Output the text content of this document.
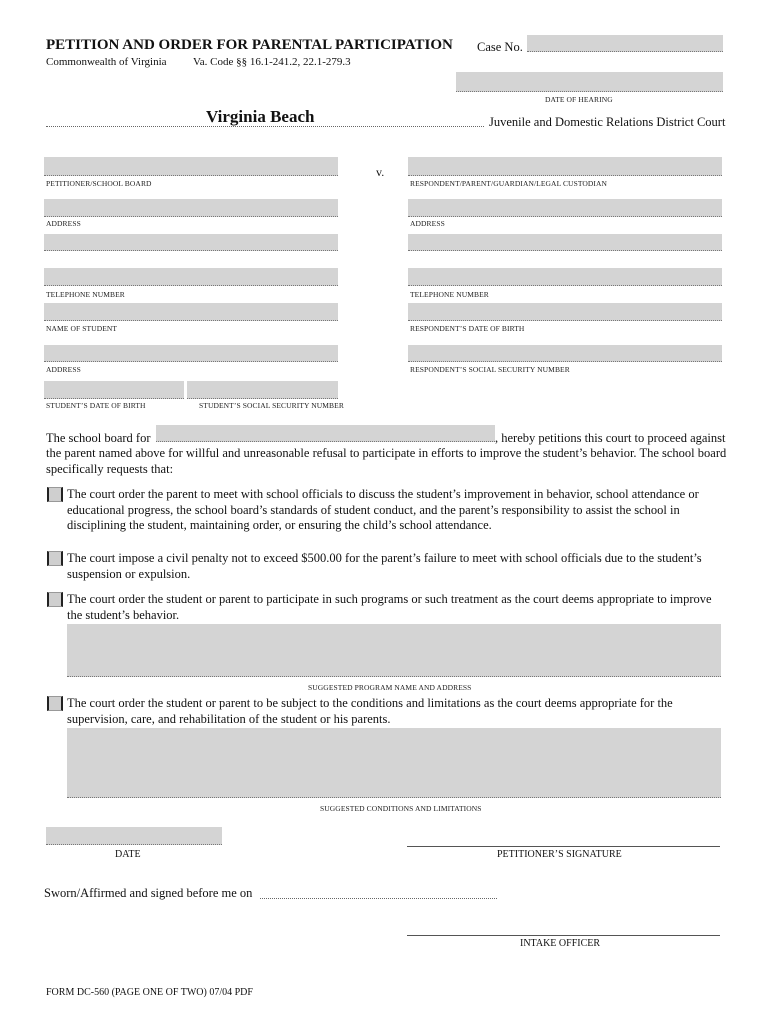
PETITION AND ORDER FOR PARENTAL PARTICIPATION Case No.
Commonwealth of Virginia Va. Code §§ 16.1-241.2, 22.1-279.3
DATE OF HEARING
Virginia Beach	Juvenile and Domestic Relations District Court
PETITIONER/SCHOOL BOARD
v.
ADDRESS
TELEPHONE NUMBER
NAME OF STUDENT
ADDRESS
STUDENT’S DATE OF BIRTH	STUDENT’S SOCIAL SECURITY NUMBER
RESPONDENT/PARENT/GUARDIAN/LEGAL CUSTODIAN
ADDRESS
TELEPHONE NUMBER
RESPONDENT’S DATE OF BIRTH
RESPONDENT’S SOCIAL SECURITY NUMBER
The school board for	, hereby petitions this court to proceed against
the parent named above for willful and unreasonable refusal to participate in efforts to improve the student’s behavior. The school board specifically requests that:
The court order the parent to meet with school officials to discuss the student’s improvement in behavior, school attendance or educational progress, the school board’s standards of student conduct, and the parent’s responsibility to assist the school in disciplining the student, maintaining order, or ensuring the child’s school attendance.
The court impose a civil penalty not to exceed $500.00 for the parent’s failure to meet with school officials due to the student’s suspension or expulsion.
The court order the student or parent to participate in such programs or such treatment as the court deems appropriate to improve the student’s behavior.
SUGGESTED PROGRAM NAME AND ADDRESS
The court order the student or parent to be subject to the conditions and limitations as the court deems appropriate for the supervision, care, and rehabilitation of the student or his parents.
SUGGESTED CONDITIONS AND LIMITATIONS
DATE	PETITIONER’S SIGNATURE
Sworn/Affirmed and signed before me on
INTAKE OFFICER
FORM DC-560 (PAGE ONE OF TWO) 07/04 PDF
